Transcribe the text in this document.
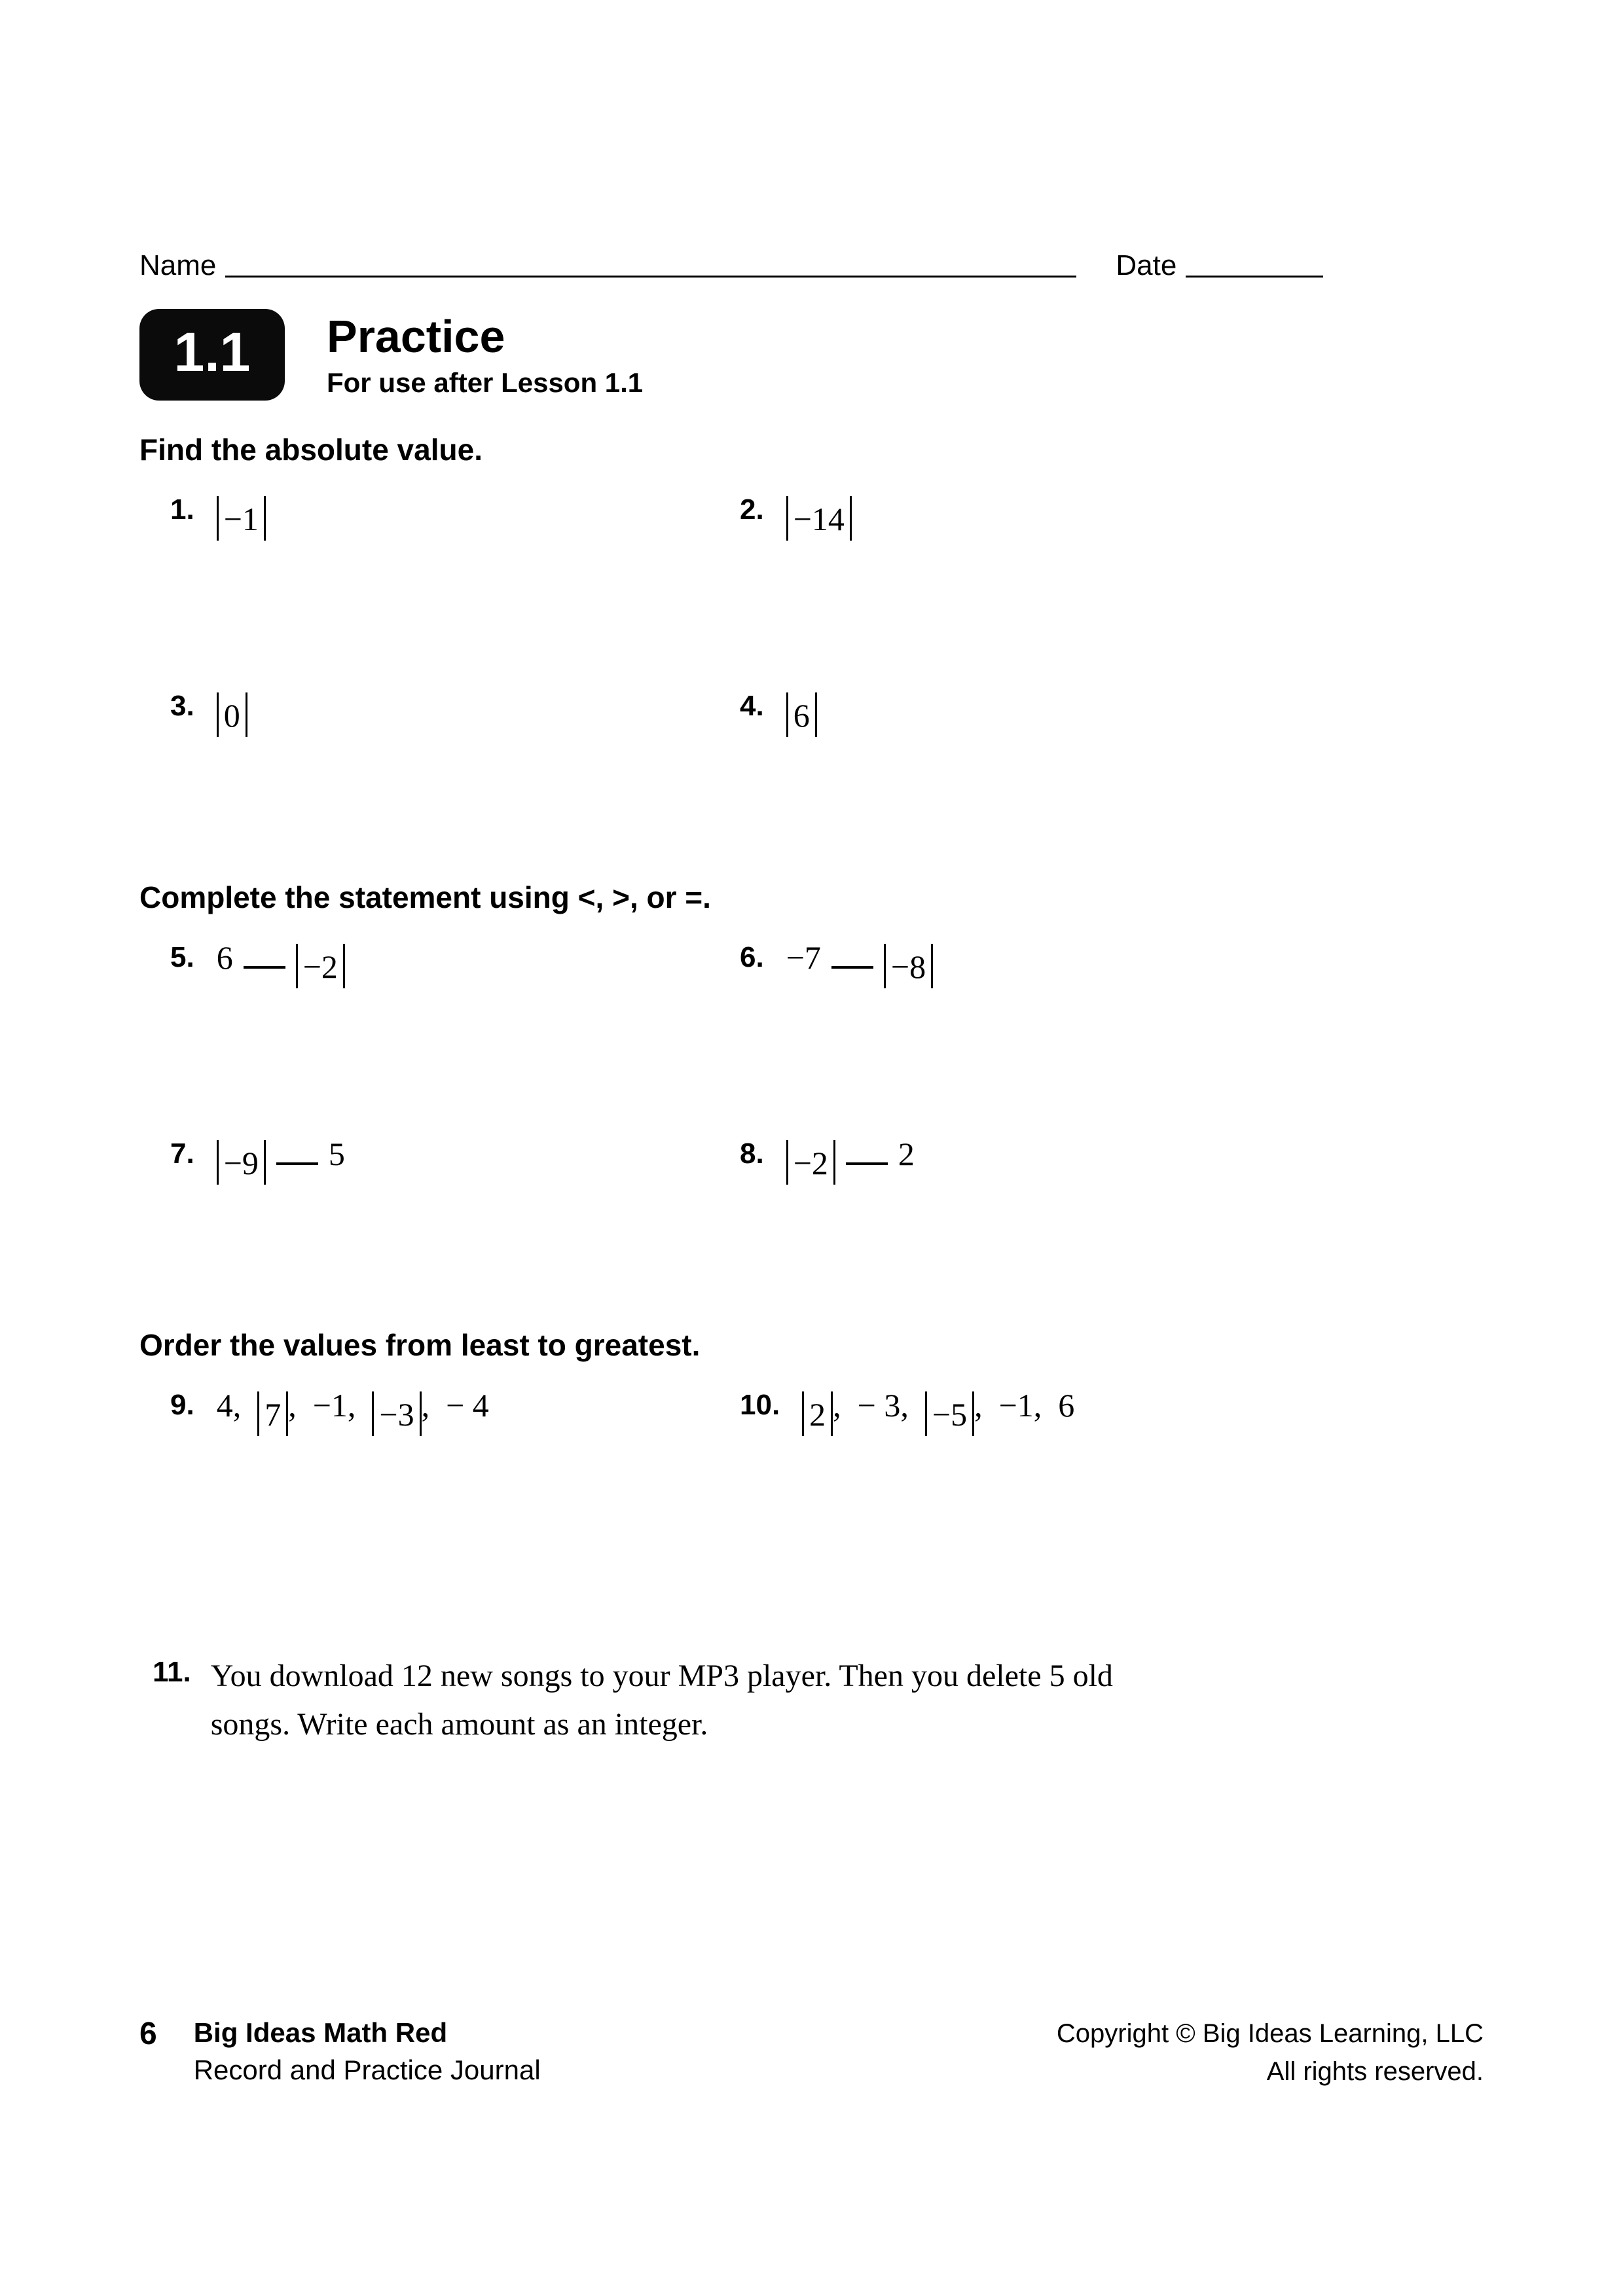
Name	Date
1.1	Practice
For use after Lesson 1.1
Find the absolute value.
1. −1	2. −14
3. 0	4. 6
Complete the statement using <, >, or =.
5. 6 −2	6. −7 −8
7. −9 5	8. −2 2
Order the values from least to greatest.
9. 4,  7 ,  −1,  −3 ,  − 4	10. 2 ,  − 3,  −5 ,  −1,  6
11. You download 12 new songs to your MP3 player. Then you delete 5 old songs. Write each amount as an integer.
6 Big Ideas Math Red
Record and Practice Journal
Copyright © Big Ideas Learning, LLC
All rights reserved.
